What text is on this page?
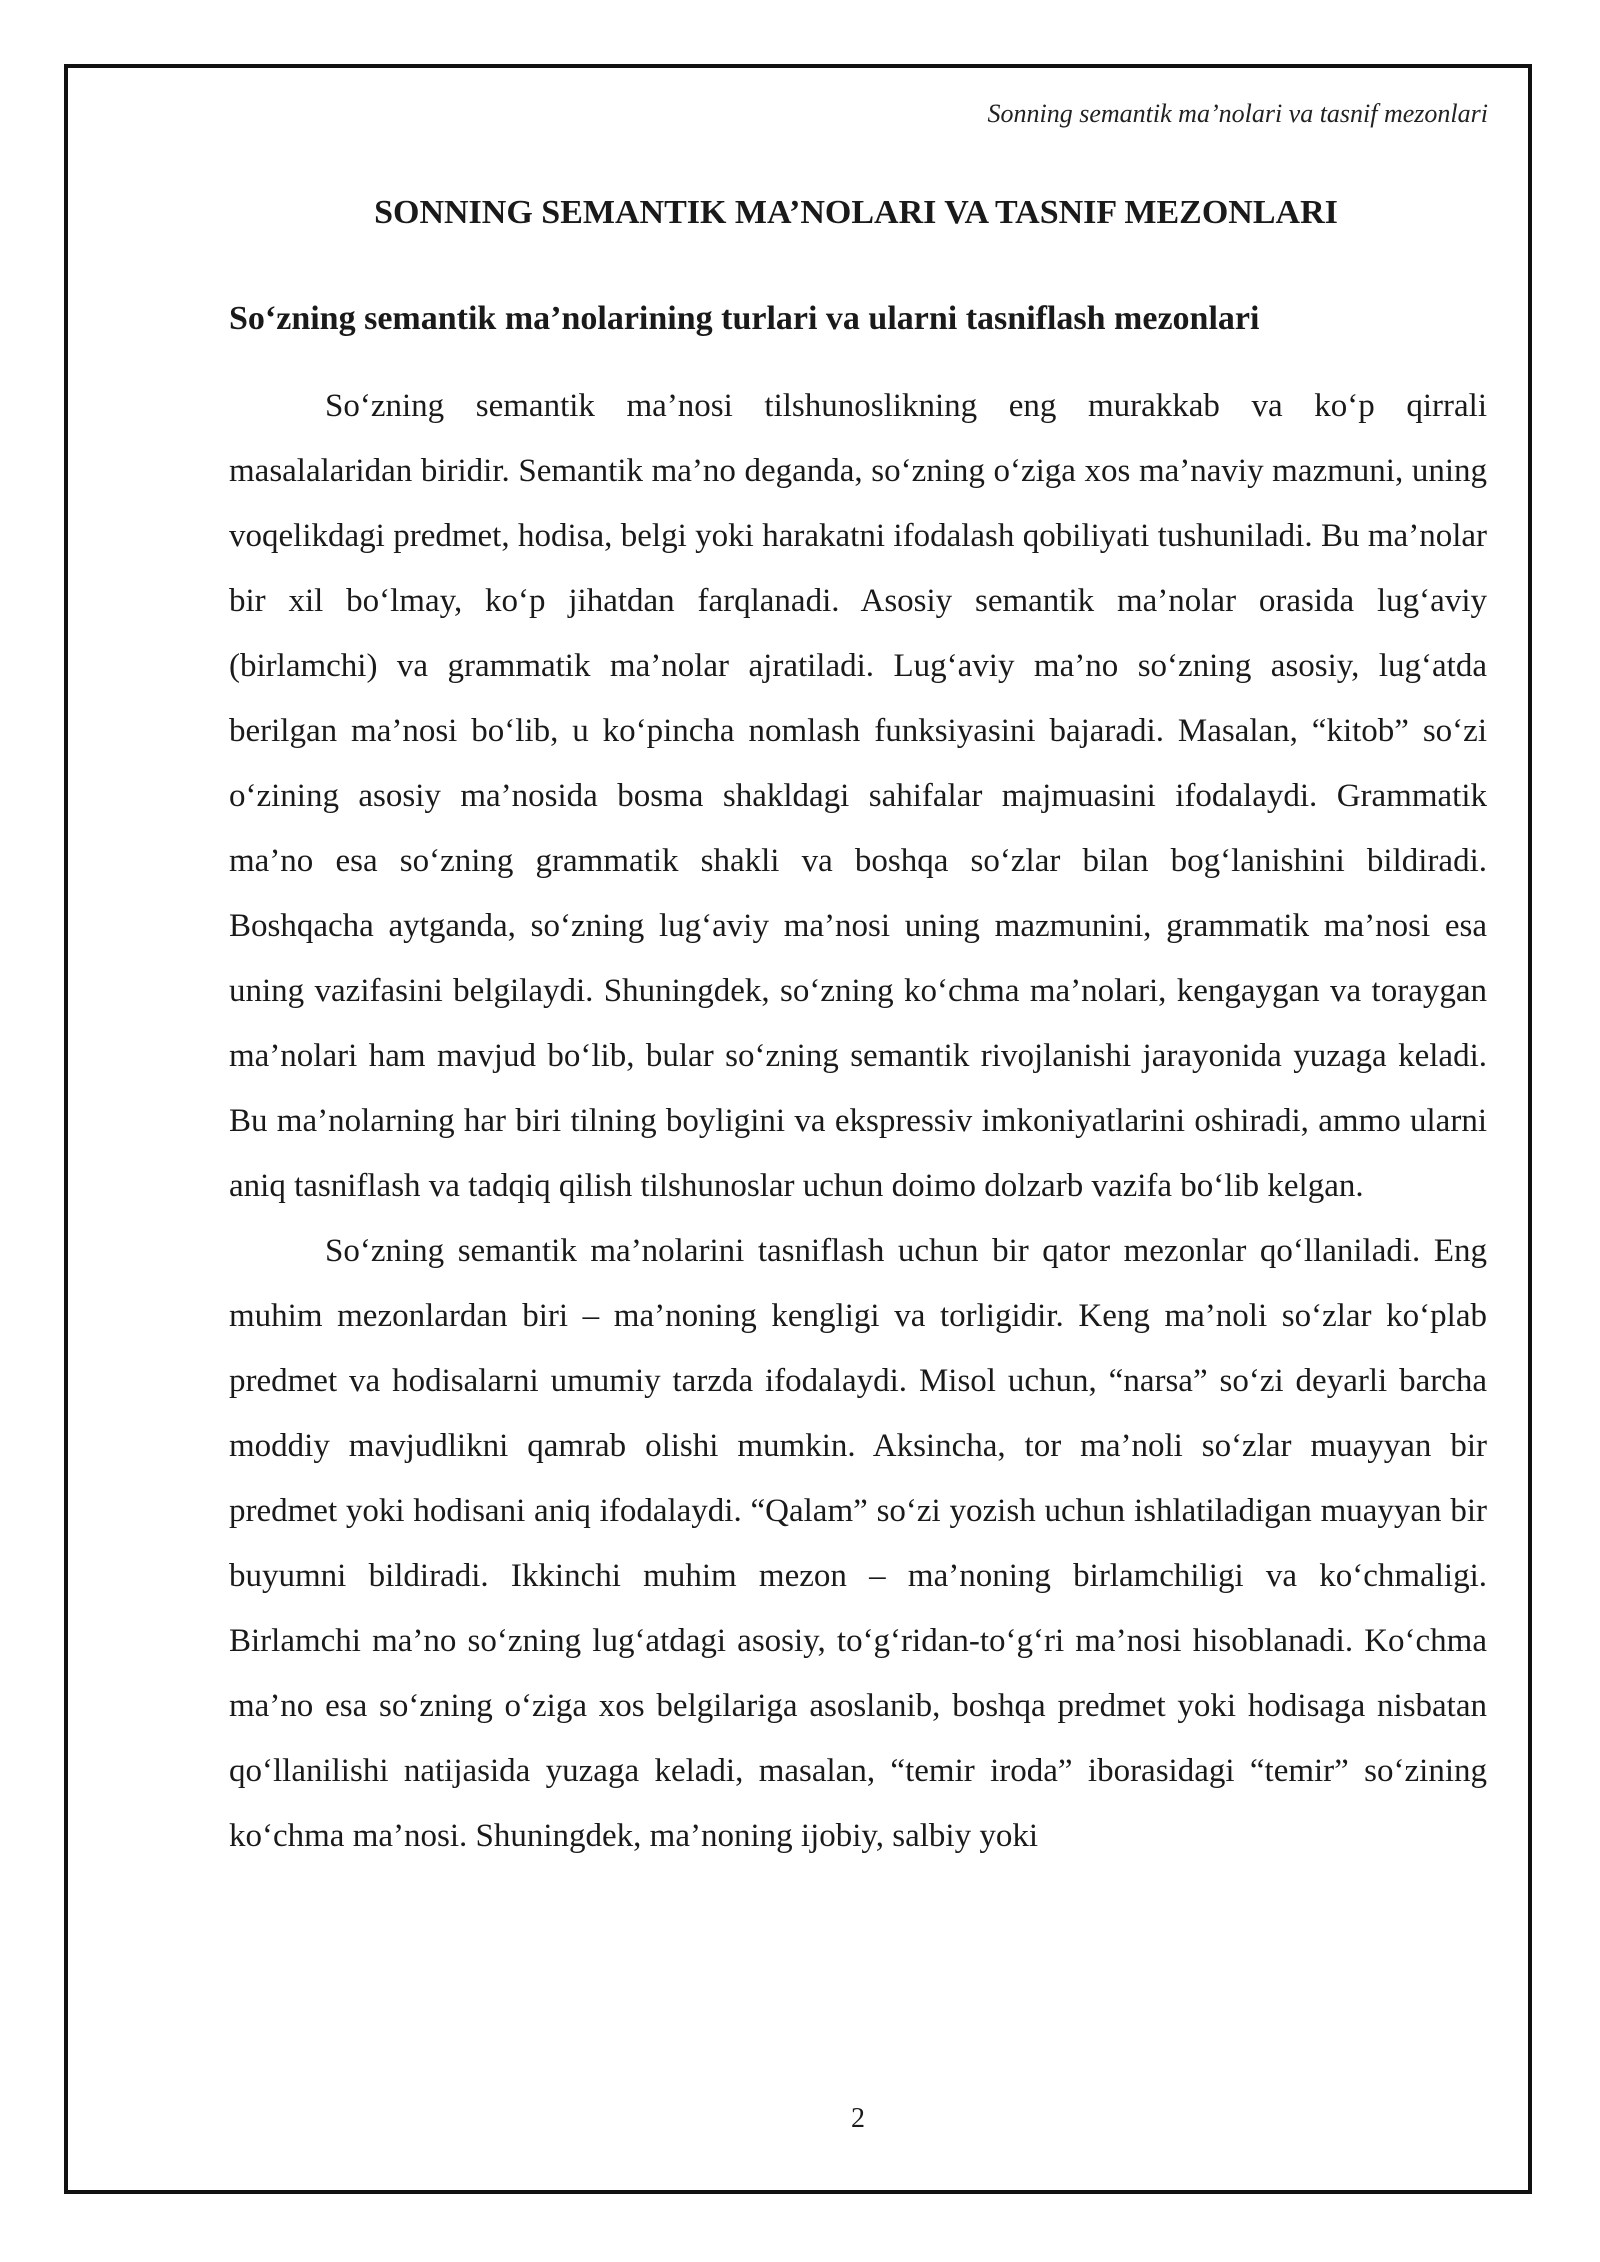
Sonning semantik ma’nolari va tasnif mezonlari
SONNING SEMANTIK MA’NOLARI VA TASNIF MEZONLARI
So‘zning semantik ma’nolarining turlari va ularni tasniflash mezonlari

So‘zning semantik ma’nosi tilshunoslikning eng murakkab va ko‘p qirrali masalalaridan biridir. Semantik ma’no deganda, so‘zning o‘ziga xos ma’naviy mazmuni, uning voqelikdagi predmet, hodisa, belgi yoki harakatni ifodalash qobiliyati tushuniladi. Bu ma’nolar bir xil bo‘lmay, ko‘p jihatdan farqlanadi. Asosiy semantik ma’nolar orasida lug‘aviy (birlamchi) va grammatik ma’nolar ajratiladi. Lug‘aviy ma’no so‘zning asosiy, lug‘atda berilgan ma’nosi bo‘lib, u ko‘pincha nomlash funksiyasini bajaradi. Masalan, “kitob” so‘zi o‘zining asosiy ma’nosida bosma shakldagi sahifalar majmuasini ifodalaydi. Grammatik ma’no esa so‘zning grammatik shakli va boshqa so‘zlar bilan bog‘lanishini bildiradi. Boshqacha aytganda, so‘zning lug‘aviy ma’nosi uning mazmunini, grammatik ma’nosi esa uning vazifasini belgilaydi. Shuningdek, so‘zning ko‘chma ma’nolari, kengaygan va toraygan ma’nolari ham mavjud bo‘lib, bular so‘zning semantik rivojlanishi jarayonida yuzaga keladi. Bu ma’nolarning har biri tilning boyligini va ekspressiv imkoniyatlarini oshiradi, ammo ularni aniq tasniflash va tadqiq qilish tilshunoslar uchun doimo dolzarb vazifa bo‘lib kelgan.

So‘zning semantik ma’nolarini tasniflash uchun bir qator mezonlar qo‘llaniladi. Eng muhim mezonlardan biri – ma’noning kengligi va torligidir. Keng ma’noli so‘zlar ko‘plab predmet va hodisalarni umumiy tarzda ifodalaydi. Misol uchun, “narsa” so‘zi deyarli barcha moddiy mavjudlikni qamrab olishi mumkin. Aksincha, tor ma’noli so‘zlar muayyan bir predmet yoki hodisani aniq ifodalaydi. “Qalam” so‘zi yozish uchun ishlatiladigan muayyan bir buyumni bildiradi. Ikkinchi muhim mezon – ma’noning birlamchiligi va ko‘chmaligi. Birlamchi ma’no so‘zning lug‘atdagi asosiy, to‘g‘ridan-to‘g‘ri ma’nosi hisoblanadi. Ko‘chma ma’no esa so‘zning o‘ziga xos belgilariga asoslanib, boshqa predmet yoki hodisaga nisbatan qo‘llanilishi natijasida yuzaga keladi, masalan, “temir iroda” iborasidagi “temir” so‘zining ko‘chma ma’nosi. Shuningdek, ma’noning ijobiy, salbiy yoki

2
